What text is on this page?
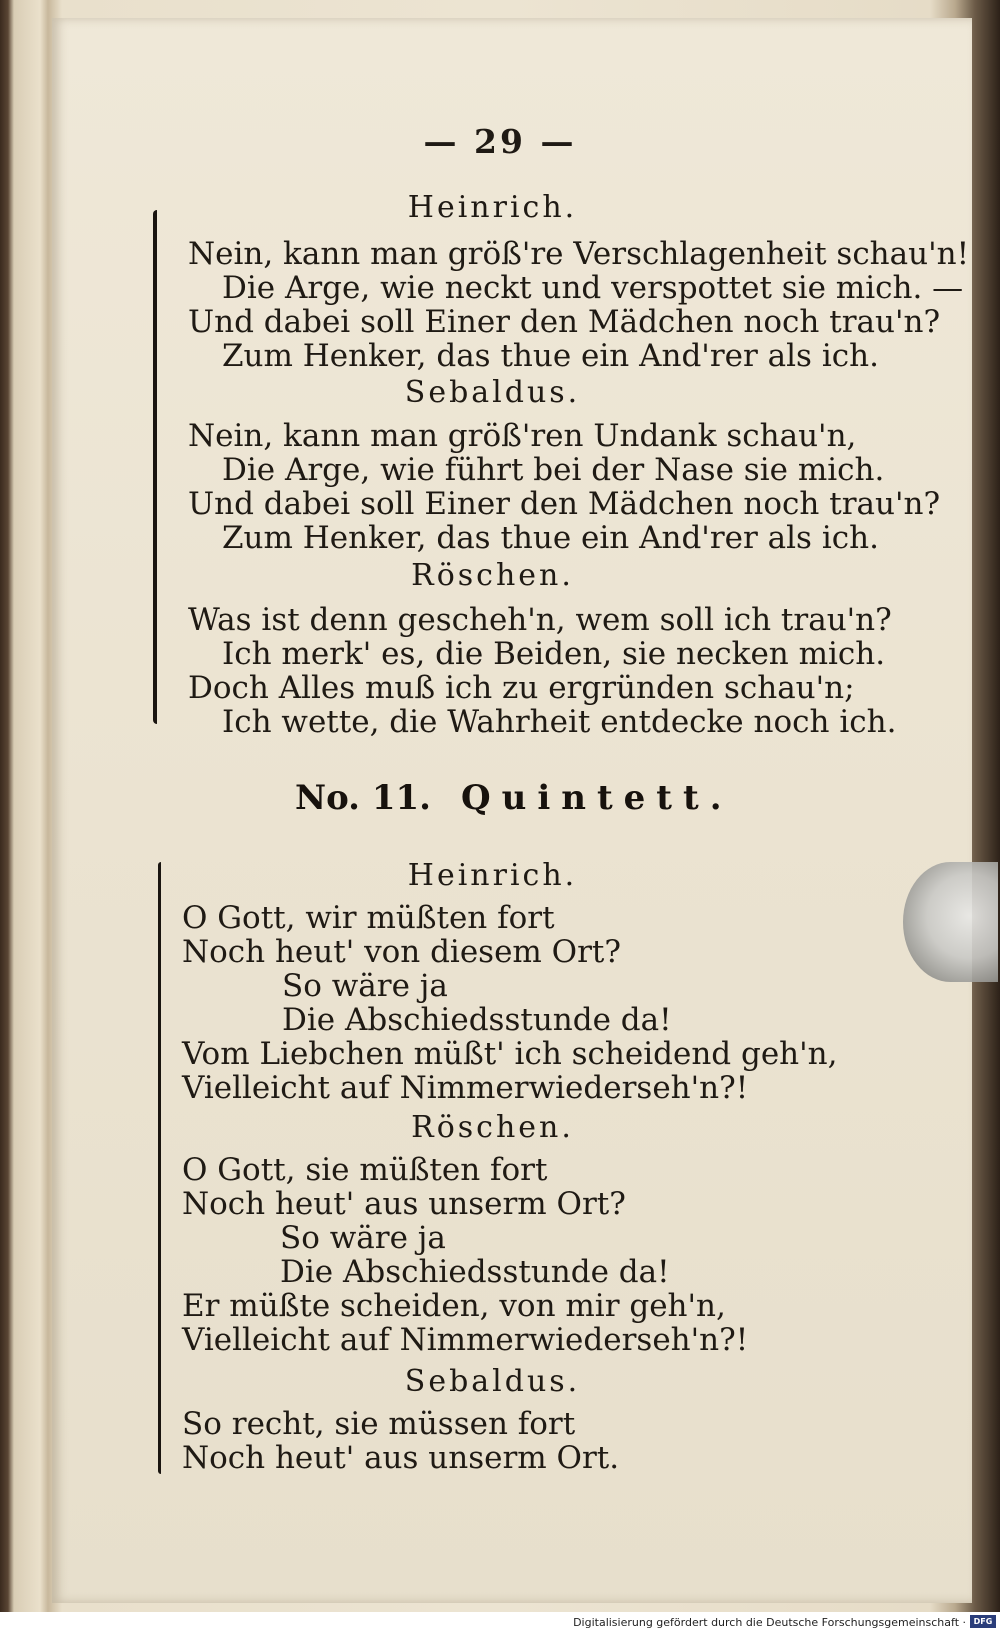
— 29 —
Heinrich.
Nein, kann man größ're Verschlagenheit schau'n!
Die Arge, wie neckt und verspottet sie mich. —
Und dabei soll Einer den Mädchen noch trau'n?
Zum Henker, das thue ein And'rer als ich.
Sebaldus.
Nein, kann man größ'ren Undank schau'n,
Die Arge, wie führt bei der Nase sie mich.
Und dabei soll Einer den Mädchen noch trau'n?
Zum Henker, das thue ein And'rer als ich.
Röschen.
Was ist denn gescheh'n, wem soll ich trau'n?
Ich merk' es, die Beiden, sie necken mich.
Doch Alles muß ich zu ergründen schau'n;
Ich wette, die Wahrheit entdecke noch ich.
No. 11. Quintett.
Heinrich.
O Gott, wir müßten fort
Noch heut' von diesem Ort?
So wäre ja
Die Abschiedsstunde da!
Vom Liebchen müßt' ich scheidend geh'n,
Vielleicht auf Nimmerwiederseh'n?!
Röschen.
O Gott, sie müßten fort
Noch heut' aus unserm Ort?
So wäre ja
Die Abschiedsstunde da!
Er müßte scheiden, von mir geh'n,
Vielleicht auf Nimmerwiederseh'n?!
Sebaldus.
So recht, sie müssen fort
Noch heut' aus unserm Ort.
Digitalisierung gefördert durch die Deutsche Forschungsgemeinschaft · DFG
